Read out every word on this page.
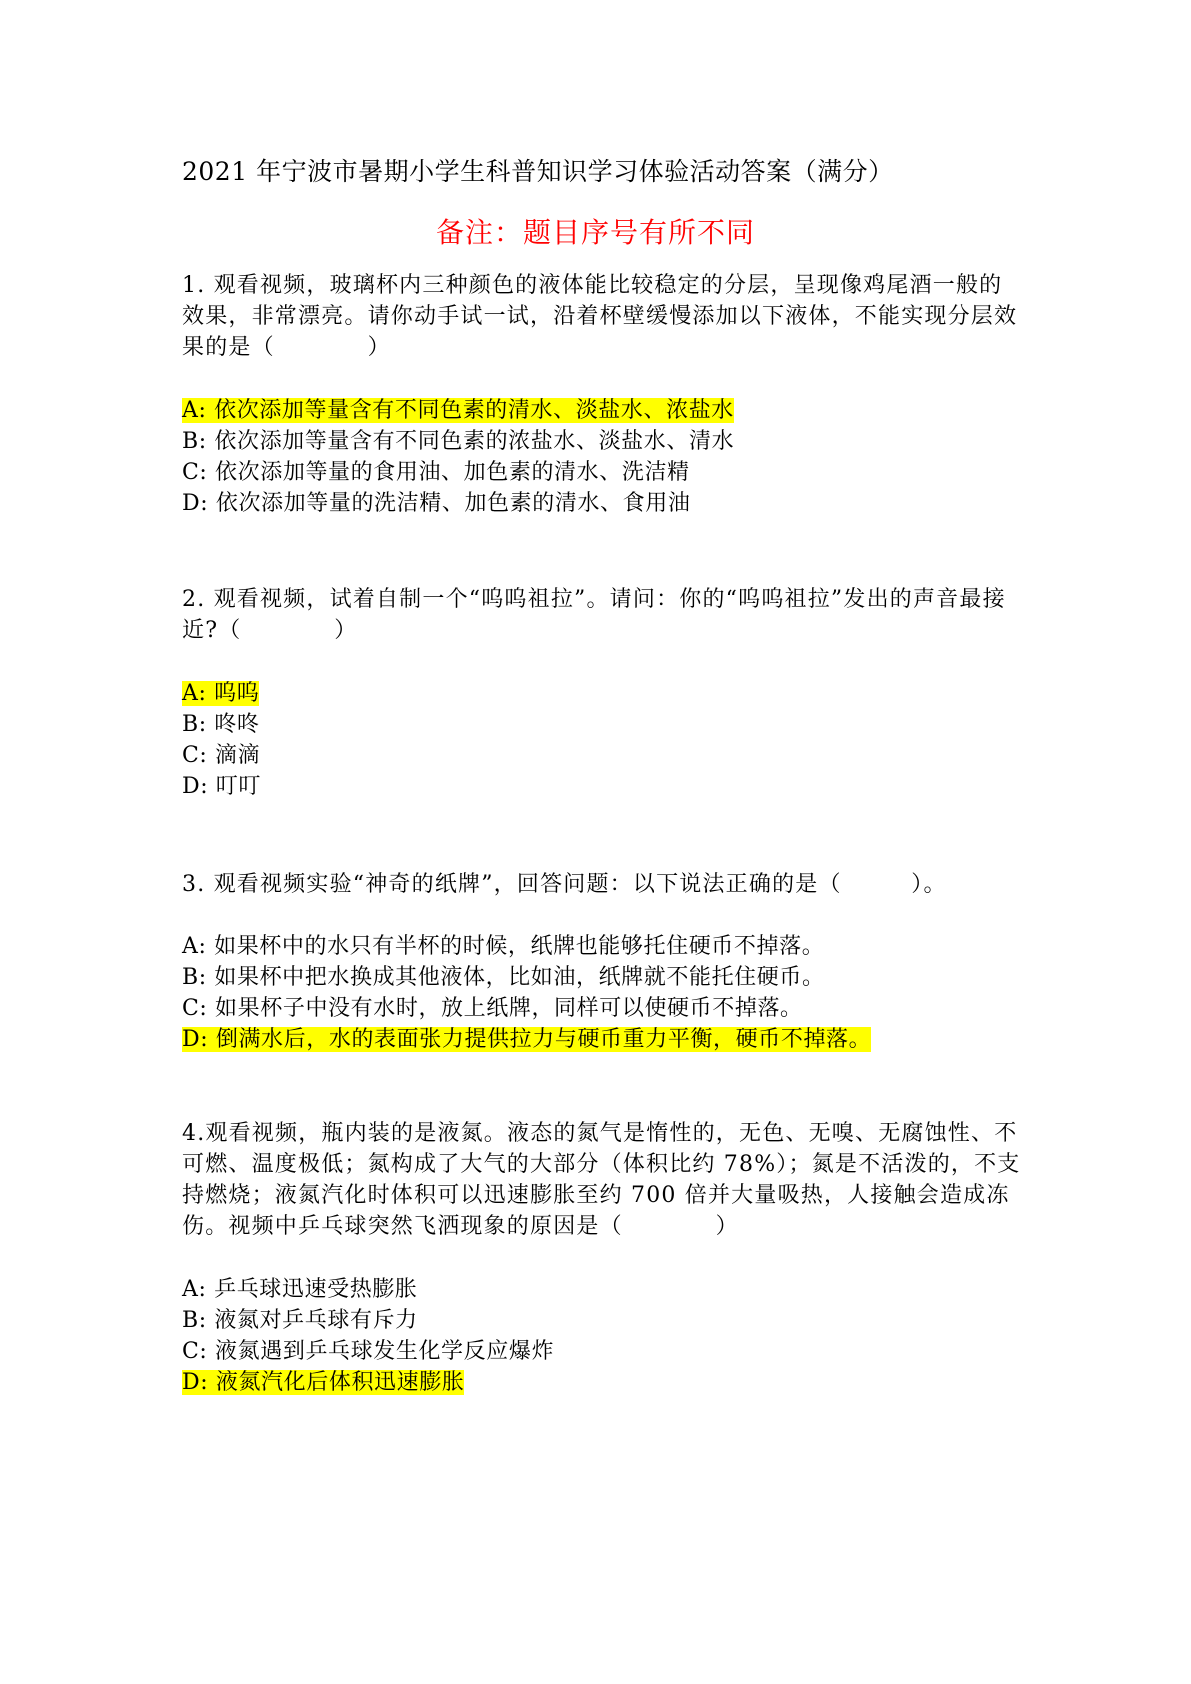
2021 年宁波市暑期小学生科普知识学习体验活动答案（满分）
备注：题目序号有所不同

1. 观看视频，玻璃杯内三种颜色的液体能比较稳定的分层，呈现像鸡尾酒一般的效果，非常漂亮。请你动手试一试，沿着杯壁缓慢添加以下液体，不能实现分层效果的是（　　　　）

A: 依次添加等量含有不同色素的清水、淡盐水、浓盐水
B: 依次添加等量含有不同色素的浓盐水、淡盐水、清水
C: 依次添加等量的食用油、加色素的清水、洗洁精
D: 依次添加等量的洗洁精、加色素的清水、食用油

2. 观看视频，试着自制一个“呜呜祖拉”。请问：你的“呜呜祖拉”发出的声音最接近?（　　　　）

A: 呜呜
B: 咚咚
C: 滴滴
D: 叮叮

3. 观看视频实验“神奇的纸牌”，回答问题：以下说法正确的是（　　　）。

A: 如果杯中的水只有半杯的时候，纸牌也能够托住硬币不掉落。
B: 如果杯中把水换成其他液体，比如油，纸牌就不能托住硬币。
C: 如果杯子中没有水时，放上纸牌，同样可以使硬币不掉落。
D: 倒满水后，水的表面张力提供拉力与硬币重力平衡，硬币不掉落。

4.观看视频，瓶内装的是液氮。液态的氮气是惰性的，无色、无嗅、无腐蚀性、不可燃、温度极低；氮构成了大气的大部分（体积比约 78%）；氮是不活泼的，不支持燃烧；液氮汽化时体积可以迅速膨胀至约 700 倍并大量吸热，人接触会造成冻伤。视频中乒乓球突然飞洒现象的原因是（　　　　）

A: 乒乓球迅速受热膨胀
B: 液氮对乒乓球有斥力
C: 液氮遇到乒乓球发生化学反应爆炸
D: 液氮汽化后体积迅速膨胀
